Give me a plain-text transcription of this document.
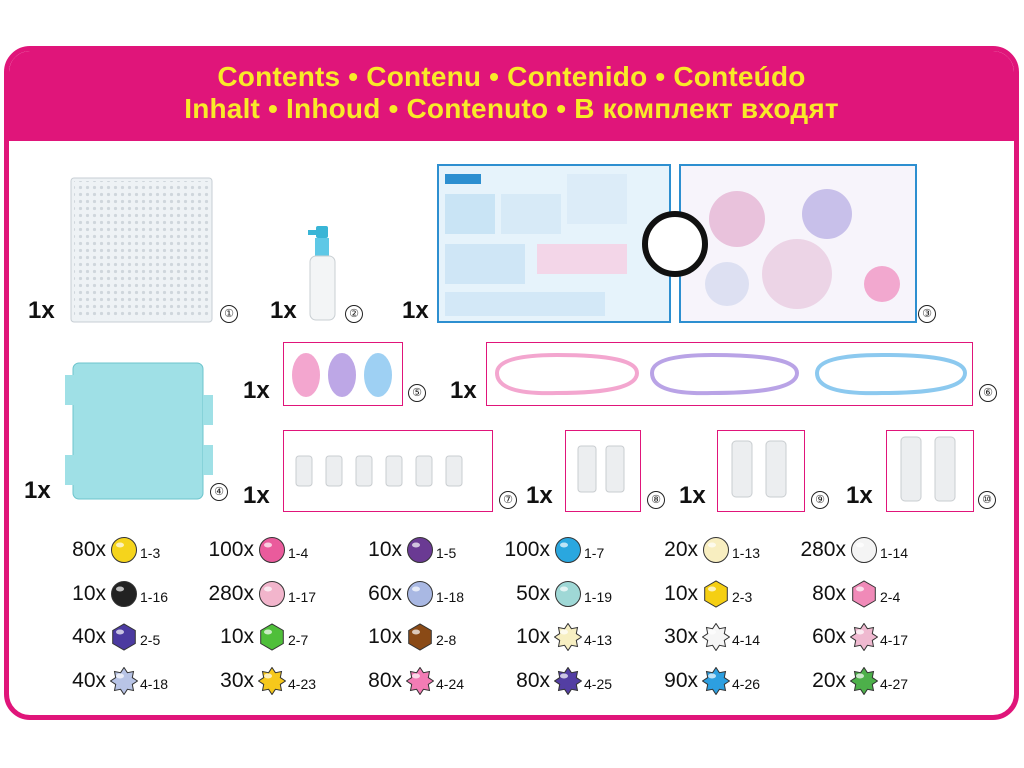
Contents • Contenu • Contenido • Conteúdo
Inhalt • Inhoud • Contenuto • В комплект входят
1x	① 1x	② 1x	③
1x	④
1x	⑤ 1x	⑥
1x	⑦ 1x	⑧ 1x	⑨ 1x	⑩
80x 1-3	100x 1-4	10x 1-5	100x 1-7	20x 1-13	280x 1-14
10x 1-16	280x 1-17	60x 1-18	50x 1-19	10x 2-3	80x 2-4
40x 2-5	10x 2-7	10x 2-8	10x 4-13	30x 4-14	60x 4-17
40x 4-18	30x 4-23	80x 4-24	80x 4-25	90x 4-26	20x 4-27
